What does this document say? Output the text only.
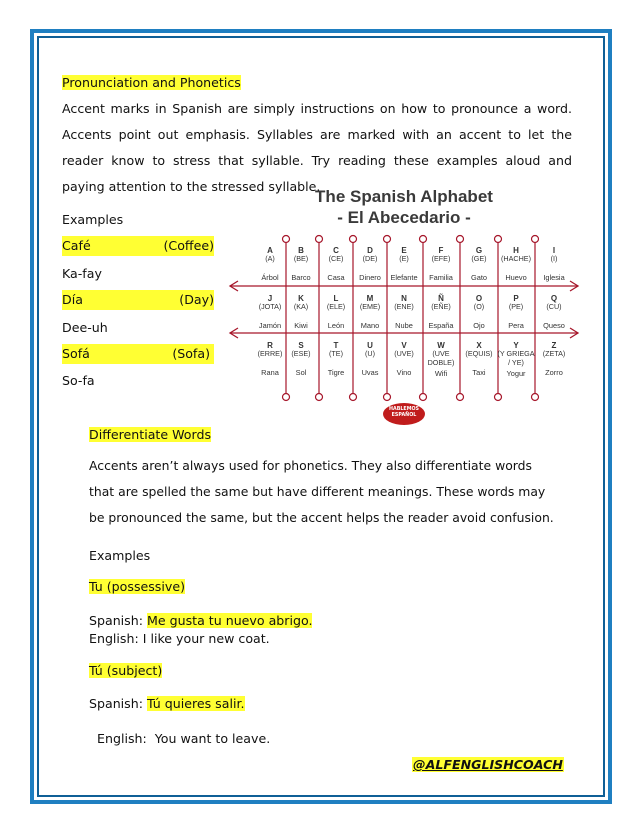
Pronunciation and Phonetics
Accent marks in Spanish are simply instructions on how to pronounce a word. Accents point out emphasis. Syllables are marked with an accent to let the reader know to stress that syllable. Try reading these examples aloud and paying attention to the stressed syllable.
Examples
Café	(Coffee)
Ka-fay
Día	(Day)
Dee-uh
Sofá	(Sofa)
So-fa
The Spanish Alphabet
- El Abecedario -
A
(A)
Árbol
B
(BE)
Barco
C
(CE)
Casa
D
(DE)
Dinero
E
(E)
Elefante
F
(EFE)
Familia
G
(GE)
Gato
H
(HACHE)
Huevo
I
(I)
Iglesia
J
(JOTA)
Jamón
K
(KA)
Kiwi
L
(ELE)
León
M
(EME)
Mano
N
(ENE)
Nube
Ñ
(EÑE)
España
O
(O)
Ojo
P
(PE)
Pera
Q
(CU)
Queso
R
(ERRE)
Rana
S
(ESE)
Sol
T
(TE)
Tigre
U
(U)
Uvas
V
(UVE)
Vino
W
(UVE DOBLE)
Wifi
X
(EQUIS)
Taxi
Y
(Y GRIEGA / YE)
Yogur
Z
(ZETA)
Zorro
HABLEMOS ESPAÑOL
Differentiate Words
Accents aren’t always used for phonetics. They also differentiate words that are spelled the same but have different meanings. These words may be pronounced the same, but the accent helps the reader avoid confusion.
Examples
Tu (possessive)
Spanish: Me gusta tu nuevo abrigo.
English: I like your new coat.
Tú (subject)
Spanish: Tú quieres salir.

English:  You want to leave.

@ALFENGLISHCOACH
